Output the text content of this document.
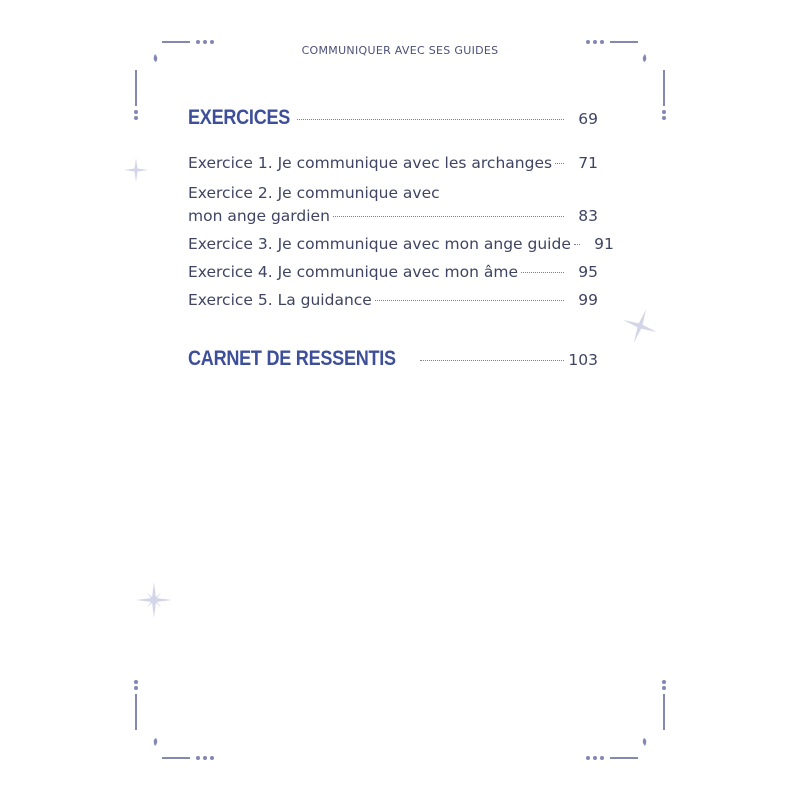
COMMUNIQUER AVEC SES GUIDES
EXERCICES	69
Exercice 1. Je communique avec les archanges	71
Exercice 2. Je communique avec
mon ange gardien	83
Exercice 3. Je communique avec mon ange guide	91
Exercice 4. Je communique avec mon âme	95
Exercice 5. La guidance	99
CARNET DE RESSENTIS	103
